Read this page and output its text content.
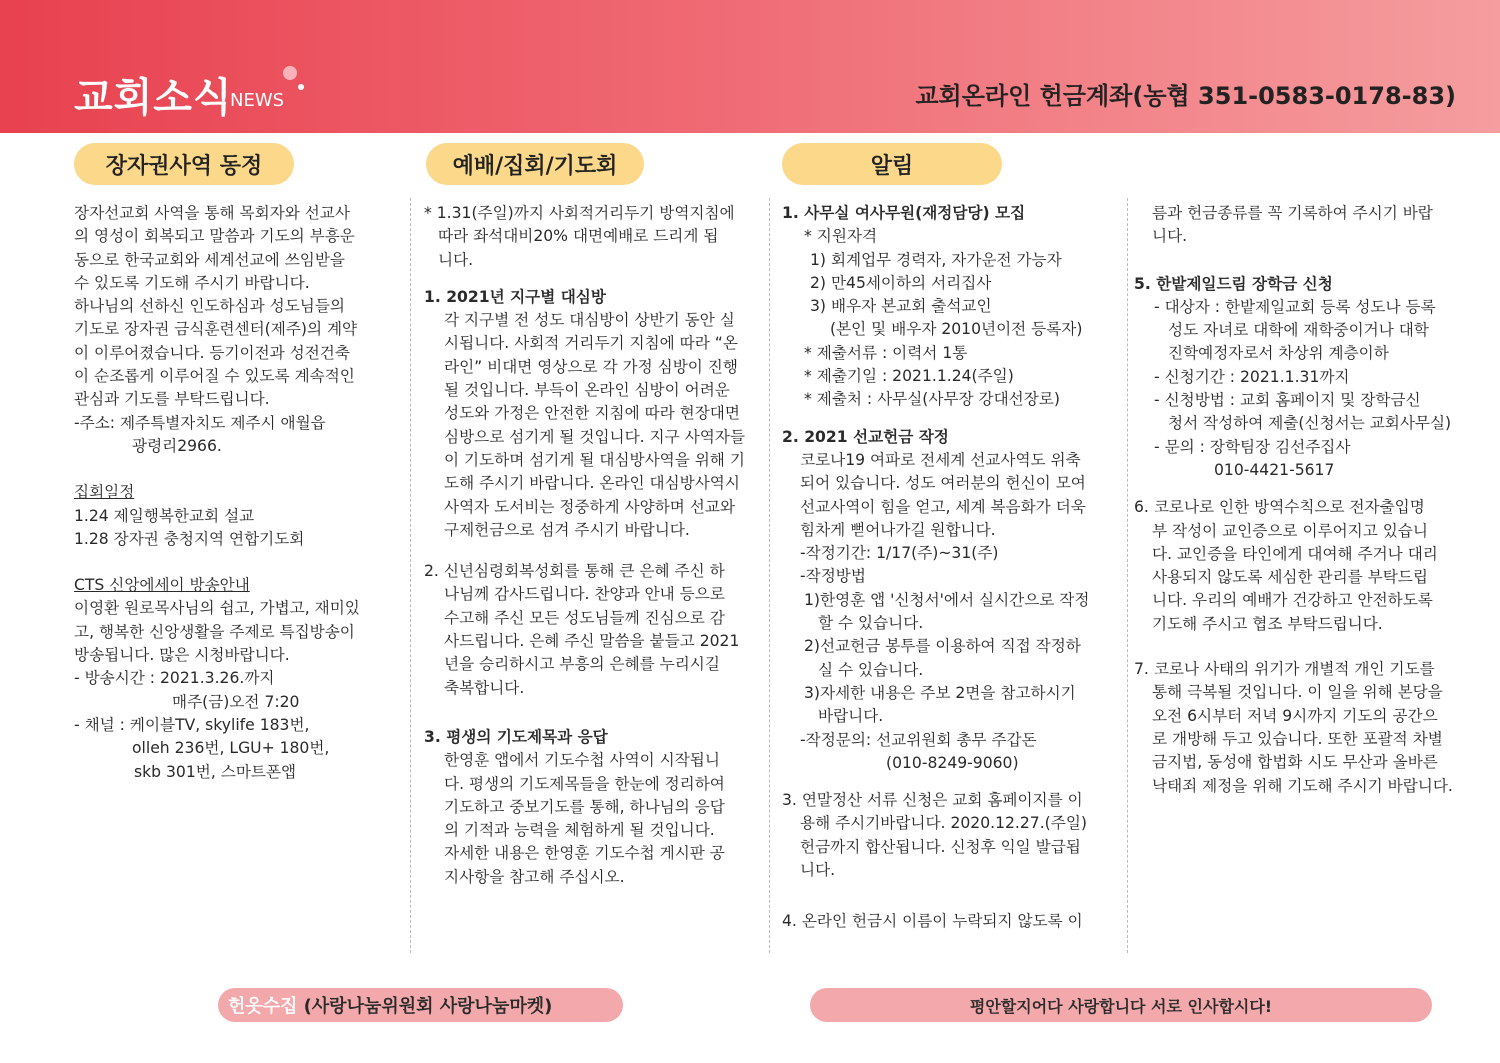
교회소식
NEWS	교회온라인 헌금계좌(농협 351-0583-0178-83)
장자권사역 동정	예배/집회/기도회	알림

장자선교회 사역을 통해 목회자와 선교사

의 영성이 회복되고 말씀과 기도의 부흥운

동으로 한국교회와 세계선교에 쓰임받을

수 있도록 기도해 주시기 바랍니다.

하나님의 선하신 인도하심과 성도님들의

기도로 장자권 금식훈련센터(제주)의 계약

이 이루어졌습니다. 등기이전과 성전건축

이 순조롭게 이루어질 수 있도록 계속적인

관심과 기도를 부탁드립니다.

-주소: 제주특별자치도 제주시 애월읍

광령리2966.

집회일정

1.24 제일행복한교회 설교

1.28 장자권 충청지역 연합기도회

CTS 신앙에세이 방송안내

이영환 원로목사님의 쉽고, 가볍고, 재미있

고, 행복한 신앙생활을 주제로 특집방송이

방송됩니다. 많은 시청바랍니다.

- 방송시간 : 2021.3.26.까지

매주(금)오전 7:20

- 채널 : 케이블TV, skylife 183번,

olleh 236번, LGU+ 180번,

skb 301번, 스마트폰앱

* 1.31(주일)까지 사회적거리두기 방역지침에

따라 좌석대비20% 대면예배로 드리게 됩

니다.

1. 2021년 지구별 대심방

각 지구별 전 성도 대심방이 상반기 동안 실

시됩니다. 사회적 거리두기 지침에 따라 “온

라인” 비대면 영상으로 각 가정 심방이 진행

될 것입니다. 부득이 온라인 심방이 어려운

성도와 가정은 안전한 지침에 따라 현장대면

심방으로 섬기게 될 것입니다. 지구 사역자들

이 기도하며 섬기게 될 대심방사역을 위해 기

도해 주시기 바랍니다. 온라인 대심방사역시

사역자 도서비는 정중하게 사양하며 선교와

구제헌금으로 섬겨 주시기 바랍니다.

2. 신년심령회복성회를 통해 큰 은혜 주신 하

나님께 감사드립니다. 찬양과 안내 등으로

수고해 주신 모든 성도님들께 진심으로 감

사드립니다. 은혜 주신 말씀을 붙들고 2021

년을 승리하시고 부흥의 은혜를 누리시길

축복합니다.

3. 평생의 기도제목과 응답

한영훈 앱에서 기도수첩 사역이 시작됩니

다. 평생의 기도제목들을 한눈에 정리하여

기도하고 중보기도를 통해, 하나님의 응답

의 기적과 능력을 체험하게 될 것입니다.

자세한 내용은 한영훈 기도수첩 게시판 공

지사항을 참고해 주십시오.

1. 사무실 여사무원(재정담당) 모집

* 지원자격

1) 회계업무 경력자, 자가운전 가능자

2) 만45세이하의 서리집사

3) 배우자 본교회 출석교인

(본인 및 배우자 2010년이전 등록자)

* 제출서류 : 이력서 1통

* 제출기일 : 2021.1.24(주일)

* 제출처 : 사무실(사무장 강대선장로)

2. 2021 선교헌금 작정

코로나19 여파로 전세계 선교사역도 위축

되어 있습니다. 성도 여러분의 헌신이 모여

선교사역이 힘을 얻고, 세계 복음화가 더욱

힘차게 뻗어나가길 원합니다.

-작정기간: 1/17(주)~31(주)

-작정방법

1)한영훈 앱 '신청서'에서 실시간으로 작정

할 수 있습니다.

2)선교헌금 봉투를 이용하여 직접 작정하

실 수 있습니다.

3)자세한 내용은 주보 2면을 참고하시기

바랍니다.

-작정문의: 선교위원회 총무 주갑돈

(010-8249-9060)

3. 연말정산 서류 신청은 교회 홈페이지를 이

용해 주시기바랍니다. 2020.12.27.(주일)

헌금까지 합산됩니다. 신청후 익일 발급됩

니다.

4. 온라인 헌금시 이름이 누락되지 않도록 이

름과 헌금종류를 꼭 기록하여 주시기 바랍

니다.

5. 한밭제일드림 장학금 신청

- 대상자 : 한밭제일교회 등록 성도나 등록

성도 자녀로 대학에 재학중이거나 대학

진학예정자로서 차상위 계층이하

- 신청기간 : 2021.1.31까지

- 신청방법 : 교회 홈페이지 및 장학금신

청서 작성하여 제출(신청서는 교회사무실)

- 문의 : 장학팀장 김선주집사

010-4421-5617

6. 코로나로 인한 방역수칙으로 전자출입명

부 작성이 교인증으로 이루어지고 있습니

다. 교인증을 타인에게 대여해 주거나 대리

사용되지 않도록 세심한 관리를 부탁드립

니다. 우리의 예배가 건강하고 안전하도록

기도해 주시고 협조 부탁드립니다.

7. 코로나 사태의 위기가 개별적 개인 기도를

통해 극복될 것입니다. 이 일을 위해 본당을

오전 6시부터 저녁 9시까지 기도의 공간으

로 개방해 두고 있습니다. 또한 포괄적 차별

금지법, 동성애 합법화 시도 무산과 올바른

낙태죄 제정을 위해 기도해 주시기 바랍니다.

헌옷수집 (사랑나눔위원회 사랑나눔마켓)	평안할지어다 사랑합니다 서로 인사합시다!
